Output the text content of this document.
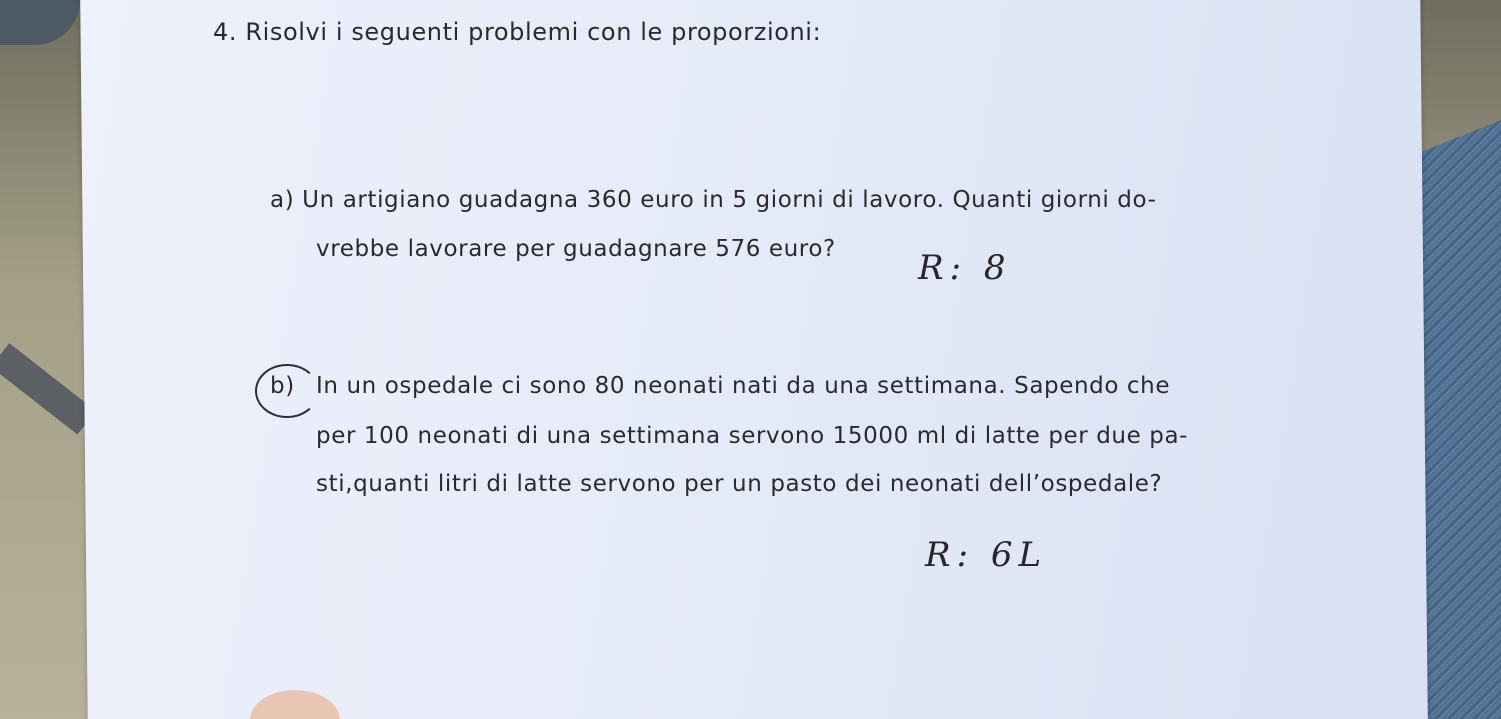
4. Risolvi i seguenti problemi con le proporzioni:
a) Un artigiano guadagna 360 euro in 5 giorni di lavoro. Quanti giorni do-
vrebbe lavorare per guadagnare 576 euro? R: 8
b) In un ospedale ci sono 80 neonati nati da una settimana. Sapendo che
per 100 neonati di una settimana servono 15000 ml di latte per due pa-
sti,quanti litri di latte servono per un pasto dei neonati dell’ospedale?
R: 6L
